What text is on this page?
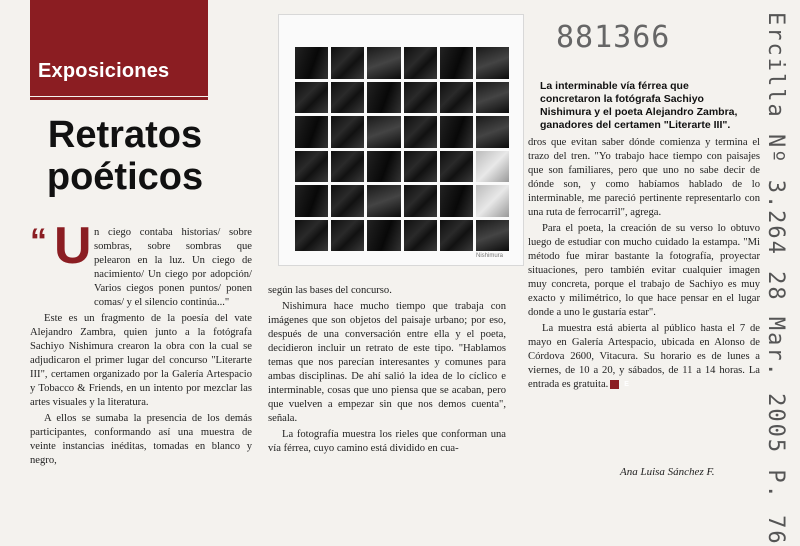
Exposiciones
Retratos
poéticos
“ U n ciego contaba historias/ sobre sombras, sobre sombras que pelearon en la luz. Un ciego de nacimiento/ Un ciego por adopción/ Varios ciegos ponen puntos/ ponen comas/ y el silencio continúa..."

Este es un fragmento de la poesía del vate Alejandro Zambra, quien junto a la fotógrafa Sachiyo Nishimura crearon la obra con la cual se adjudicaron el primer lugar del concurso "Literarte III", certamen organizado por la Galería Artespacio y Tobacco & Friends, en un intento por mezclar las artes visuales y la literatura.

A ellos se sumaba la presencia de los demás participantes, conformando así una muestra de veinte instancias inéditas, tomadas en blanco y negro,

Nishimura
881366	Ercilla Nº 3.264 28 Mar. 2005 P. 76
La interminable vía férrea que concretaron la fotógrafa Sachiyo Nishimura y el poeta Alejandro Zambra, ganadores del certamen "Literarte III".

según las bases del concurso.

Nishimura hace mucho tiempo que trabaja con imágenes que son objetos del paisaje urbano; por eso, después de una conversación entre ella y el poeta, decidieron incluir un retrato de este tipo. "Hablamos temas que nos parecían interesantes y comunes para ambas disciplinas. De ahí salió la idea de lo cíclico e interminable, cosas que uno piensa que se acaban, pero que vuelven a empezar sin que nos demos cuenta", señala.

La fotografía muestra los rieles que conforman una vía férrea, cuyo camino está dividido en cua-

dros que evitan saber dónde comienza y termina el trazo del tren. "Yo trabajo hace tiempo con paisajes que son familiares, pero que uno no sabe decir de dónde son, y como habíamos hablado de lo interminable, me pareció pertinente representarlo con una ruta de ferrocarril", agrega.

Para el poeta, la creación de su verso lo obtuvo luego de estudiar con mucho cuidado la estampa. "Mi método fue mirar bastante la fotografía, proyectar situaciones, pero también evitar cualquier imagen muy concreta, porque el trabajo de Sachiyo es muy exacto y milimétrico, lo que hace pensar en el lugar donde a uno le gustaría estar".

La muestra está abierta al público hasta el 7 de mayo en Galería Artespacio, ubicada en Alonso de Córdova 2600, Vitacura. Su horario es de lunes a viernes, de 10 a 20, y sábados, de 11 a 14 horas. La entrada es gratuita. E

Ana Luisa Sánchez F.
